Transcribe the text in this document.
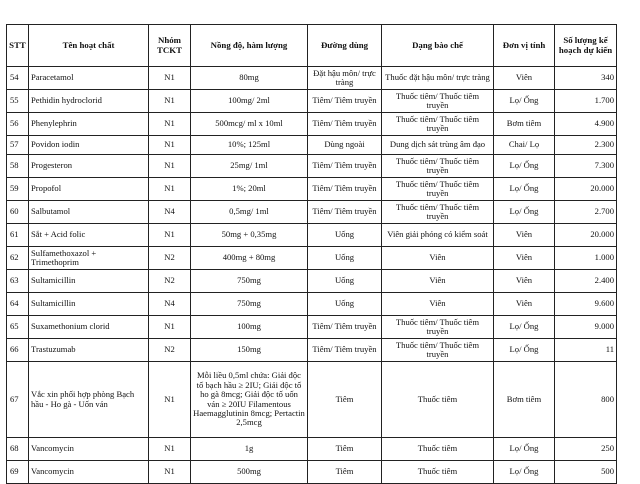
STT	Tên hoạt chất	Nhóm TCKT	Nồng độ, hàm lượng	Đường dùng	Dạng bào chế	Đơn vị tính	Số lượng kế hoạch dự kiến
54	Paracetamol	N1	80mg	Đặt hậu môn/ trực tràng	Thuốc đặt hậu môn/ trực tràng	Viên	340
55	Pethidin hydroclorid	N1	100mg/ 2ml	Tiêm/ Tiêm truyền	Thuốc tiêm/ Thuốc tiêm truyền	Lọ/ Ống	1.700
56	Phenylephrin	N1	500mcg/ ml x 10ml	Tiêm/ Tiêm truyền	Thuốc tiêm/ Thuốc tiêm truyền	Bơm tiêm	4.900
57	Povidon iodin	N1	10%; 125ml	Dùng ngoài	Dung dịch sát trùng âm đạo	Chai/ Lọ	2.300
58	Progesteron	N1	25mg/ 1ml	Tiêm/ Tiêm truyền	Thuốc tiêm/ Thuốc tiêm truyền	Lọ/ Ống	7.300
59	Propofol	N1	1%; 20ml	Tiêm/ Tiêm truyền	Thuốc tiêm/ Thuốc tiêm truyền	Lọ/ Ống	20.000
60	Salbutamol	N4	0,5mg/ 1ml	Tiêm/ Tiêm truyền	Thuốc tiêm/ Thuốc tiêm truyền	Lọ/ Ống	2.700
61	Sắt + Acid folic	N1	50mg + 0,35mg	Uống	Viên giải phóng có kiểm soát	Viên	20.000
62	Sulfamethoxazol + Trimethoprim	N2	400mg + 80mg	Uống	Viên	Viên	1.000
63	Sultamicillin	N2	750mg	Uống	Viên	Viên	2.400
64	Sultamicillin	N4	750mg	Uống	Viên	Viên	9.600
65	Suxamethonium clorid	N1	100mg	Tiêm/ Tiêm truyền	Thuốc tiêm/ Thuốc tiêm truyền	Lọ/ Ống	9.000
66	Trastuzumab	N2	150mg	Tiêm/ Tiêm truyền	Thuốc tiêm/ Thuốc tiêm truyền	Lọ/ Ống	11
67	Vắc xin phối hợp phòng Bạch hầu - Ho gà - Uốn ván	N1	Mỗi liều 0,5ml chứa: Giải độc tố bạch hầu ≥ 2IU; Giải độc tố ho gà 8mcg; Giải độc tố uốn ván ≥ 20IU Filamentous Haemagglutinin 8mcg; Pertactin 2,5mcg	Tiêm	Thuốc tiêm	Bơm tiêm	800
68	Vancomycin	N1	1g	Tiêm	Thuốc tiêm	Lọ/ Ống	250
69	Vancomycin	N1	500mg	Tiêm	Thuốc tiêm	Lọ/ Ống	500
